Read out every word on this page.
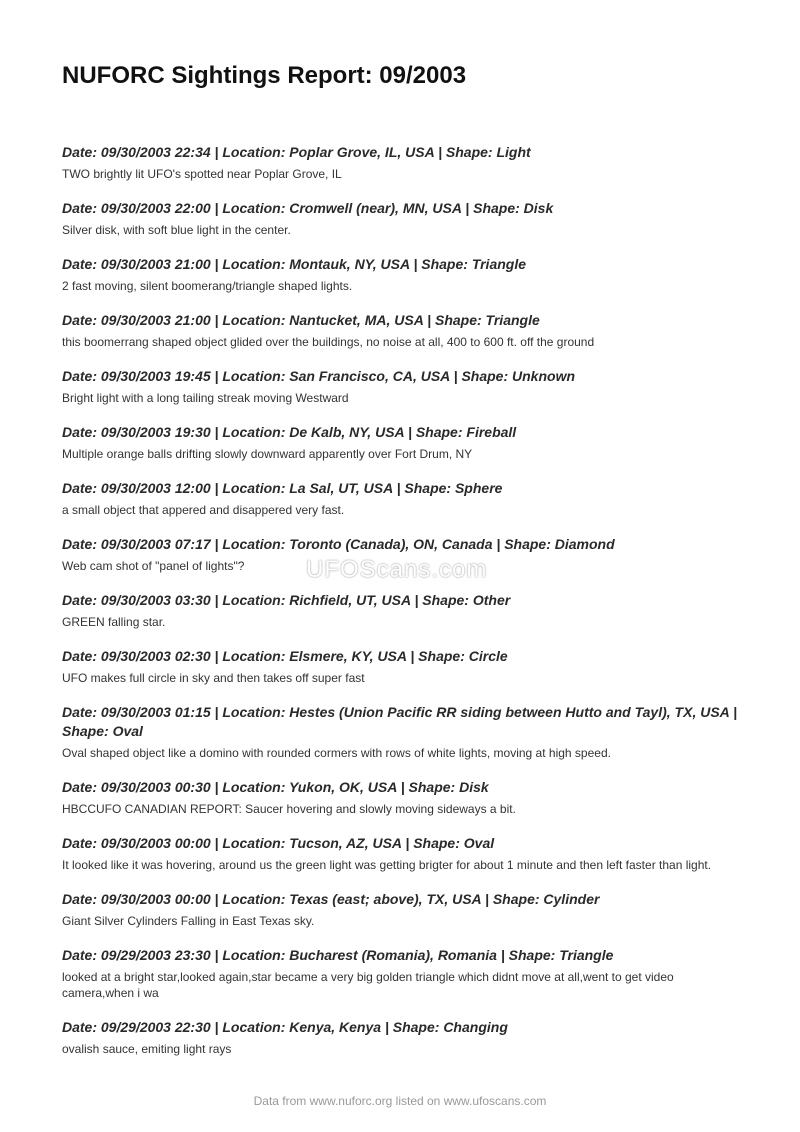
NUFORC Sightings Report: 09/2003
Date: 09/30/2003 22:34 | Location: Poplar Grove, IL, USA | Shape: Light
TWO brightly lit UFO's spotted near Poplar Grove, IL
Date: 09/30/2003 22:00 | Location: Cromwell (near), MN, USA | Shape: Disk
Silver disk, with soft blue light in the center.
Date: 09/30/2003 21:00 | Location: Montauk, NY, USA | Shape: Triangle
2 fast moving, silent boomerang/triangle shaped lights.
Date: 09/30/2003 21:00 | Location: Nantucket, MA, USA | Shape: Triangle
this boomerrang shaped object glided over the buildings, no noise at all, 400 to 600 ft. off the ground
Date: 09/30/2003 19:45 | Location: San Francisco, CA, USA | Shape: Unknown
Bright light with a long tailing streak moving Westward
Date: 09/30/2003 19:30 | Location: De Kalb, NY, USA | Shape: Fireball
Multiple orange balls drifting slowly downward apparently over Fort Drum, NY
Date: 09/30/2003 12:00 | Location: La Sal, UT, USA | Shape: Sphere
a small object that appered and disappered very fast.
Date: 09/30/2003 07:17 | Location: Toronto (Canada), ON, Canada | Shape: Diamond
Web cam shot of "panel of lights"?
Date: 09/30/2003 03:30 | Location: Richfield, UT, USA | Shape: Other
GREEN falling star.
Date: 09/30/2003 02:30 | Location: Elsmere, KY, USA | Shape: Circle
UFO makes full circle in sky and then takes off super fast
Date: 09/30/2003 01:15 | Location: Hestes (Union Pacific RR siding between Hutto and Tayl), TX, USA | Shape: Oval
Oval shaped object like a domino with rounded cormers with rows of white lights, moving at high speed.
Date: 09/30/2003 00:30 | Location: Yukon, OK, USA | Shape: Disk
HBCCUFO CANADIAN REPORT: Saucer hovering and slowly moving sideways a bit.
Date: 09/30/2003 00:00 | Location: Tucson, AZ, USA | Shape: Oval
It looked like it was hovering, around us the green light was getting brigter for about 1 minute and then left faster than light.
Date: 09/30/2003 00:00 | Location: Texas (east; above), TX, USA | Shape: Cylinder
Giant Silver Cylinders Falling in East Texas sky.
Date: 09/29/2003 23:30 | Location: Bucharest (Romania), Romania | Shape: Triangle
looked at a bright star,looked again,star became a very big golden triangle which didnt move at all,went to get video camera,when i wa
Date: 09/29/2003 22:30 | Location: Kenya, Kenya | Shape: Changing
ovalish sauce, emiting light rays
UFOScans.com
Data from www.nuforc.org listed on www.ufoscans.com
